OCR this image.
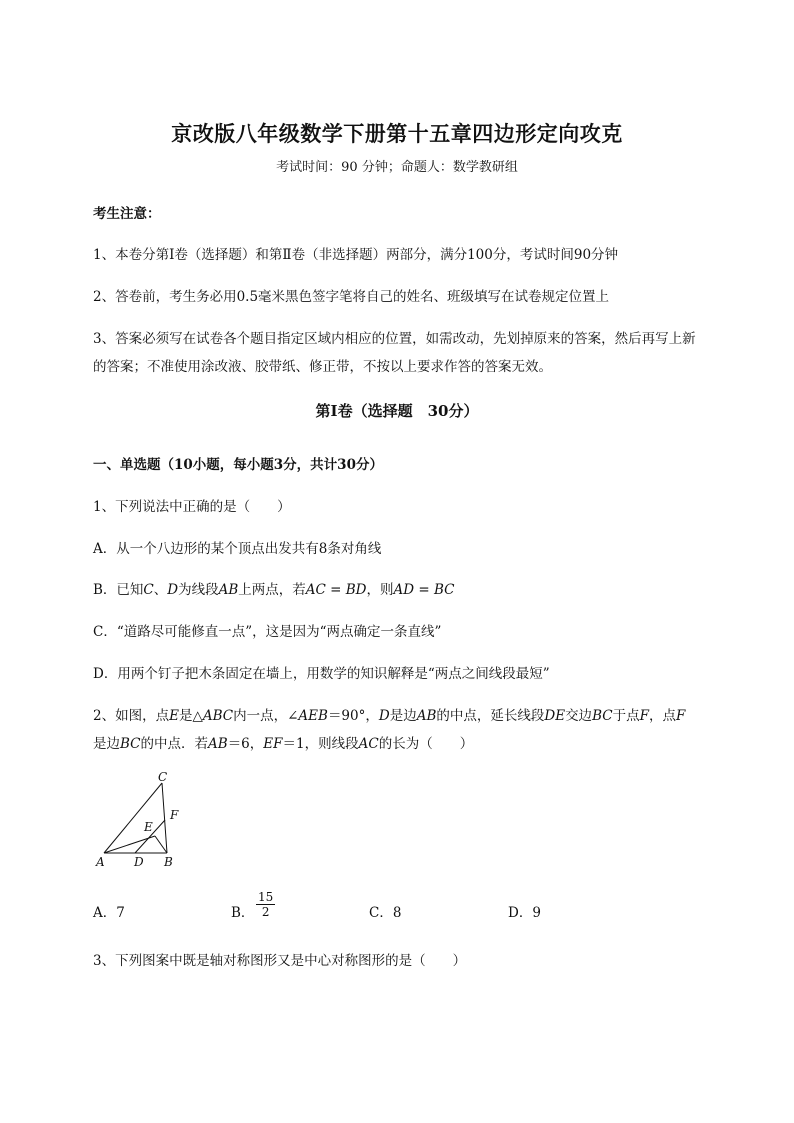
京改版八年级数学下册第十五章四边形定向攻克
考试时间：90 分钟；命题人：数学教研组
考生注意：
1、本卷分第Ⅰ卷（选择题）和第Ⅱ卷（非选择题）两部分，满分100分，考试时间90分钟
2、答卷前，考生务必用0.5毫米黑色签字笔将自己的姓名、班级填写在试卷规定位置上
3、答案必须写在试卷各个题目指定区域内相应的位置，如需改动，先划掉原来的答案，然后再写上新
的答案；不准使用涂改液、胶带纸、修正带，不按以上要求作答的答案无效。
第Ⅰ卷（选择题　30分）
一、单选题（10小题，每小题3分，共计30分）
1、下列说法中正确的是（　　）
A．从一个八边形的某个顶点出发共有8条对角线
B．已知C、D为线段AB上两点，若AC = BD，则AD = BC
C．“道路尽可能修直一点”，这是因为“两点确定一条直线”
D．用两个钉子把木条固定在墙上，用数学的知识解释是“两点之间线段最短”
2、如图，点E是△ABC内一点，∠AEB＝90°，D是边AB的中点，延长线段DE交边BC于点F，点F
是边BC的中点．若AB＝6，EF＝1，则线段AC的长为（　　）
C
F
E
A D B
A．7	B． $\frac{15}{2}$	C．8	D．9
3、下列图案中既是轴对称图形又是中心对称图形的是（　　）
